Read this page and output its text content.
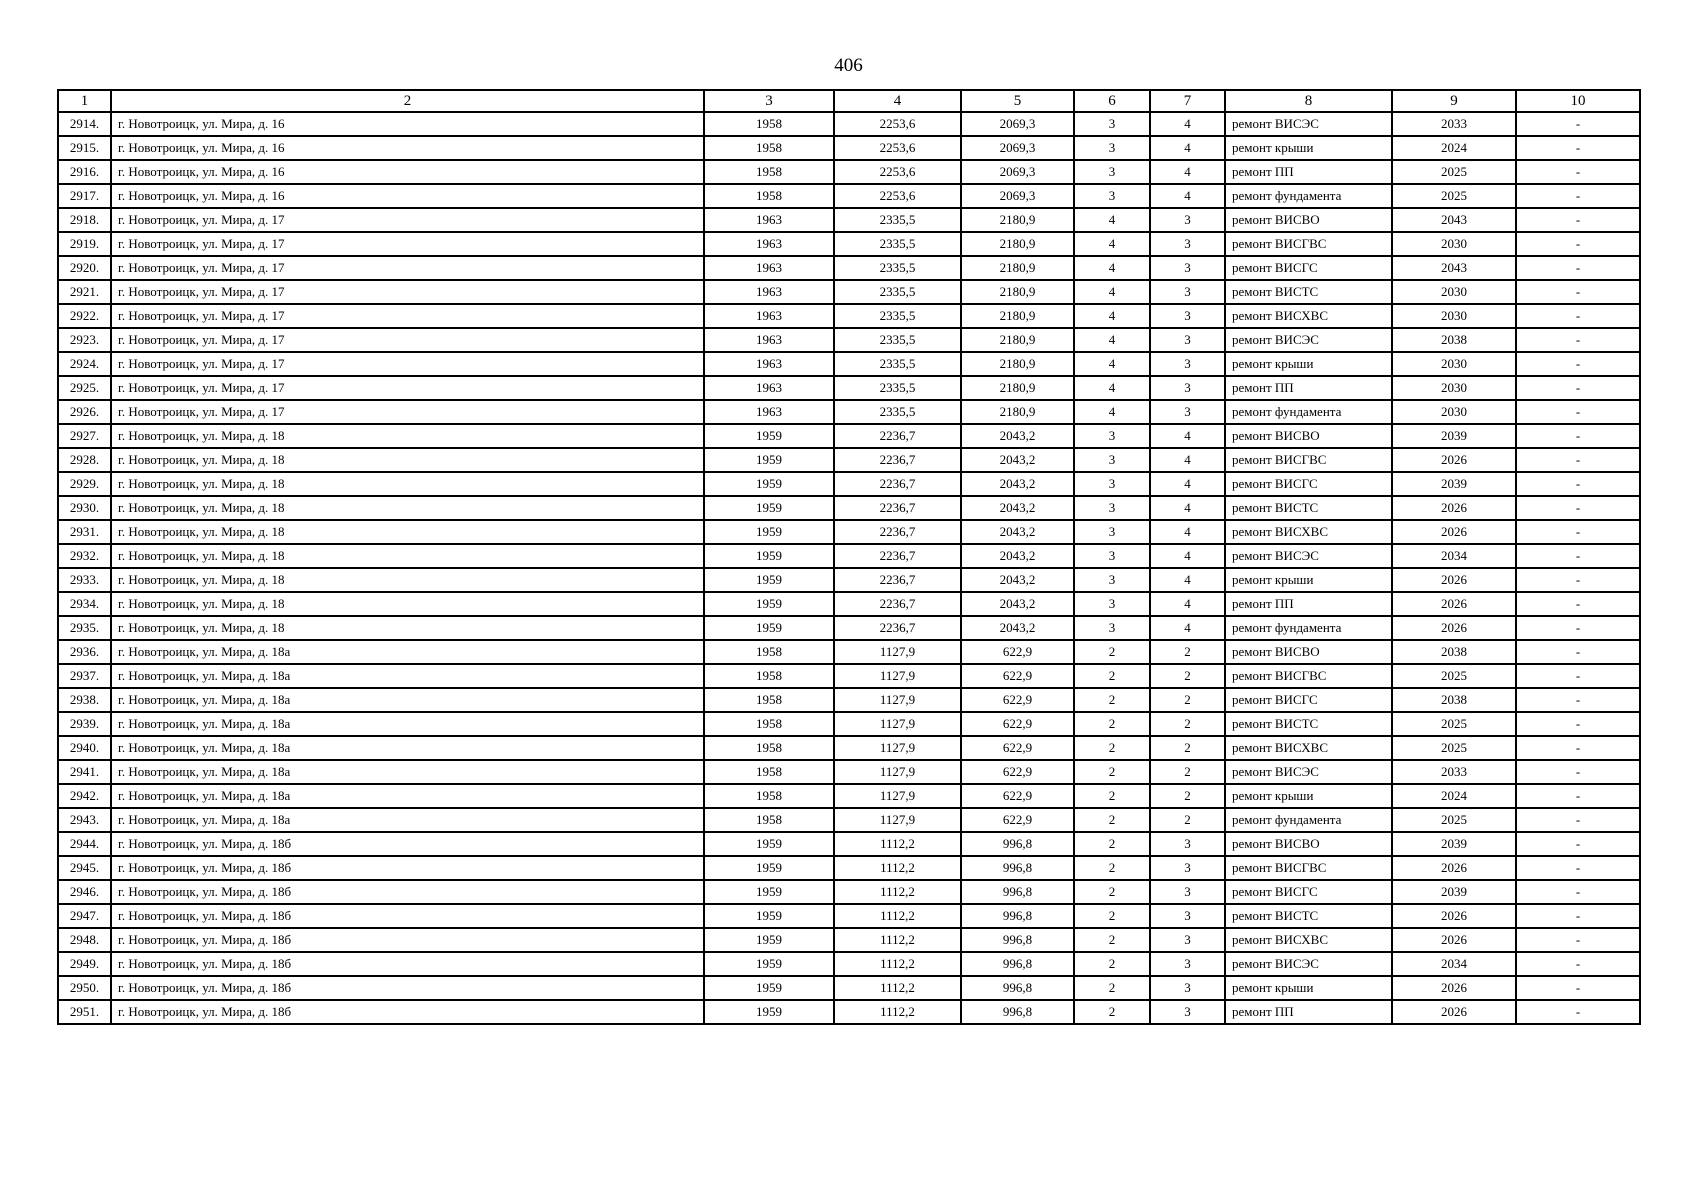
406
1	2	3	4	5	6	7	8	9	10
2914.	г. Новотроицк, ул. Мира, д. 16	1958	2253,6	2069,3	3	4	ремонт ВИСЭС	2033	-
2915.	г. Новотроицк, ул. Мира, д. 16	1958	2253,6	2069,3	3	4	ремонт крыши	2024	-
2916.	г. Новотроицк, ул. Мира, д. 16	1958	2253,6	2069,3	3	4	ремонт ПП	2025	-
2917.	г. Новотроицк, ул. Мира, д. 16	1958	2253,6	2069,3	3	4	ремонт фундамента	2025	-
2918.	г. Новотроицк, ул. Мира, д. 17	1963	2335,5	2180,9	4	3	ремонт ВИСВО	2043	-
2919.	г. Новотроицк, ул. Мира, д. 17	1963	2335,5	2180,9	4	3	ремонт ВИСГВС	2030	-
2920.	г. Новотроицк, ул. Мира, д. 17	1963	2335,5	2180,9	4	3	ремонт ВИСГС	2043	-
2921.	г. Новотроицк, ул. Мира, д. 17	1963	2335,5	2180,9	4	3	ремонт ВИСТС	2030	-
2922.	г. Новотроицк, ул. Мира, д. 17	1963	2335,5	2180,9	4	3	ремонт ВИСХВС	2030	-
2923.	г. Новотроицк, ул. Мира, д. 17	1963	2335,5	2180,9	4	3	ремонт ВИСЭС	2038	-
2924.	г. Новотроицк, ул. Мира, д. 17	1963	2335,5	2180,9	4	3	ремонт крыши	2030	-
2925.	г. Новотроицк, ул. Мира, д. 17	1963	2335,5	2180,9	4	3	ремонт ПП	2030	-
2926.	г. Новотроицк, ул. Мира, д. 17	1963	2335,5	2180,9	4	3	ремонт фундамента	2030	-
2927.	г. Новотроицк, ул. Мира, д. 18	1959	2236,7	2043,2	3	4	ремонт ВИСВО	2039	-
2928.	г. Новотроицк, ул. Мира, д. 18	1959	2236,7	2043,2	3	4	ремонт ВИСГВС	2026	-
2929.	г. Новотроицк, ул. Мира, д. 18	1959	2236,7	2043,2	3	4	ремонт ВИСГС	2039	-
2930.	г. Новотроицк, ул. Мира, д. 18	1959	2236,7	2043,2	3	4	ремонт ВИСТС	2026	-
2931.	г. Новотроицк, ул. Мира, д. 18	1959	2236,7	2043,2	3	4	ремонт ВИСХВС	2026	-
2932.	г. Новотроицк, ул. Мира, д. 18	1959	2236,7	2043,2	3	4	ремонт ВИСЭС	2034	-
2933.	г. Новотроицк, ул. Мира, д. 18	1959	2236,7	2043,2	3	4	ремонт крыши	2026	-
2934.	г. Новотроицк, ул. Мира, д. 18	1959	2236,7	2043,2	3	4	ремонт ПП	2026	-
2935.	г. Новотроицк, ул. Мира, д. 18	1959	2236,7	2043,2	3	4	ремонт фундамента	2026	-
2936.	г. Новотроицк, ул. Мира, д. 18а	1958	1127,9	622,9	2	2	ремонт ВИСВО	2038	-
2937.	г. Новотроицк, ул. Мира, д. 18а	1958	1127,9	622,9	2	2	ремонт ВИСГВС	2025	-
2938.	г. Новотроицк, ул. Мира, д. 18а	1958	1127,9	622,9	2	2	ремонт ВИСГС	2038	-
2939.	г. Новотроицк, ул. Мира, д. 18а	1958	1127,9	622,9	2	2	ремонт ВИСТС	2025	-
2940.	г. Новотроицк, ул. Мира, д. 18а	1958	1127,9	622,9	2	2	ремонт ВИСХВС	2025	-
2941.	г. Новотроицк, ул. Мира, д. 18а	1958	1127,9	622,9	2	2	ремонт ВИСЭС	2033	-
2942.	г. Новотроицк, ул. Мира, д. 18а	1958	1127,9	622,9	2	2	ремонт крыши	2024	-
2943.	г. Новотроицк, ул. Мира, д. 18а	1958	1127,9	622,9	2	2	ремонт фундамента	2025	-
2944.	г. Новотроицк, ул. Мира, д. 18б	1959	1112,2	996,8	2	3	ремонт ВИСВО	2039	-
2945.	г. Новотроицк, ул. Мира, д. 18б	1959	1112,2	996,8	2	3	ремонт ВИСГВС	2026	-
2946.	г. Новотроицк, ул. Мира, д. 18б	1959	1112,2	996,8	2	3	ремонт ВИСГС	2039	-
2947.	г. Новотроицк, ул. Мира, д. 18б	1959	1112,2	996,8	2	3	ремонт ВИСТС	2026	-
2948.	г. Новотроицк, ул. Мира, д. 18б	1959	1112,2	996,8	2	3	ремонт ВИСХВС	2026	-
2949.	г. Новотроицк, ул. Мира, д. 18б	1959	1112,2	996,8	2	3	ремонт ВИСЭС	2034	-
2950.	г. Новотроицк, ул. Мира, д. 18б	1959	1112,2	996,8	2	3	ремонт крыши	2026	-
2951.	г. Новотроицк, ул. Мира, д. 18б	1959	1112,2	996,8	2	3	ремонт ПП	2026	-
